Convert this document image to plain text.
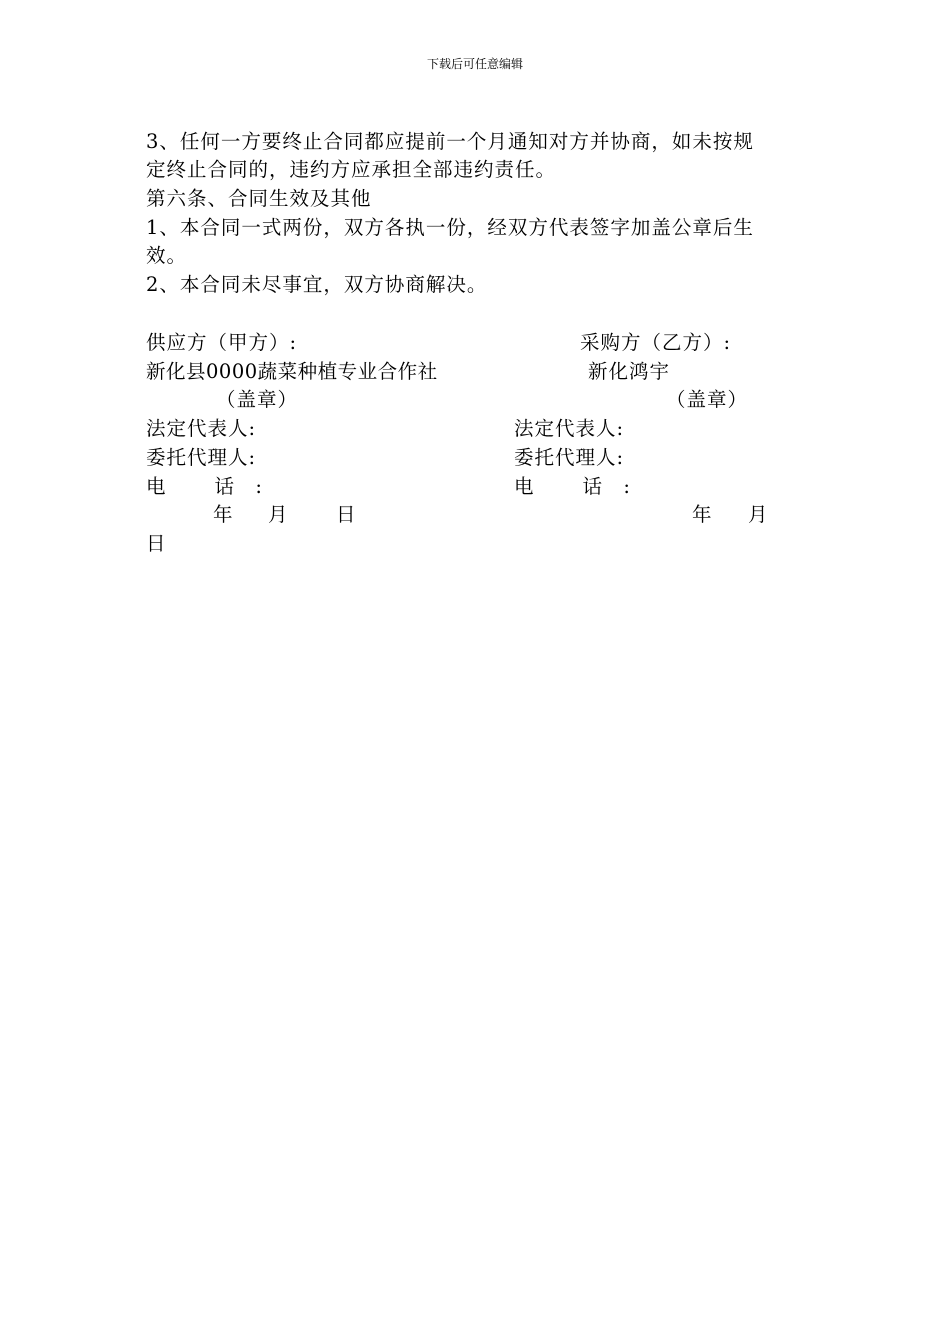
下载后可任意编辑
3、任何一方要终止合同都应提前一个月通知对方并协商，如未按规
定终止合同的，违约方应承担全部违约责任。
第六条、合同生效及其他
1、本合同一式两份，双方各执一份，经双方代表签字加盖公章后生
效。
2、本合同未尽事宜，双方协商解决。
供应方（甲方）:
新化县0000蔬菜种植专业合作社
（盖章）
法定代表人:
委托代理人:
电 话:
年 月 日
采购方（乙方）:
新化鸿宇
（盖章）
法定代表人:
委托代理人:
电 话:
年 月
日
